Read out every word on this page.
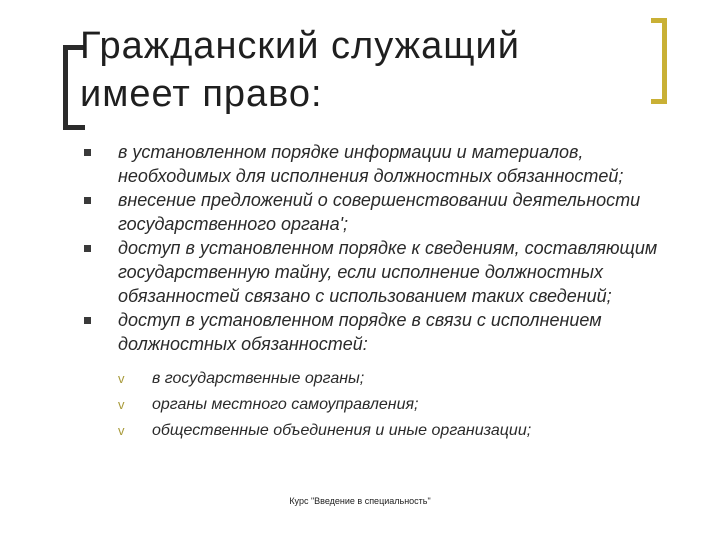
Гражданский служащий
имеет право:
в установленном порядке информации и материалов, необходимых для исполнения должностных обязанностей;
внесение предложений о совершенствовании деятельности государственного органа';
доступ в установленном порядке к сведениям, составляющим государственную тайну, если исполнение должностных обязанностей связано с использованием таких сведений;
доступ в установленном порядке в связи с исполнением должностных обязанностей:
v в государственные органы;
v органы местного самоуправления;
v общественные объединения и иные организации;
Курс "Введение в специальность"
